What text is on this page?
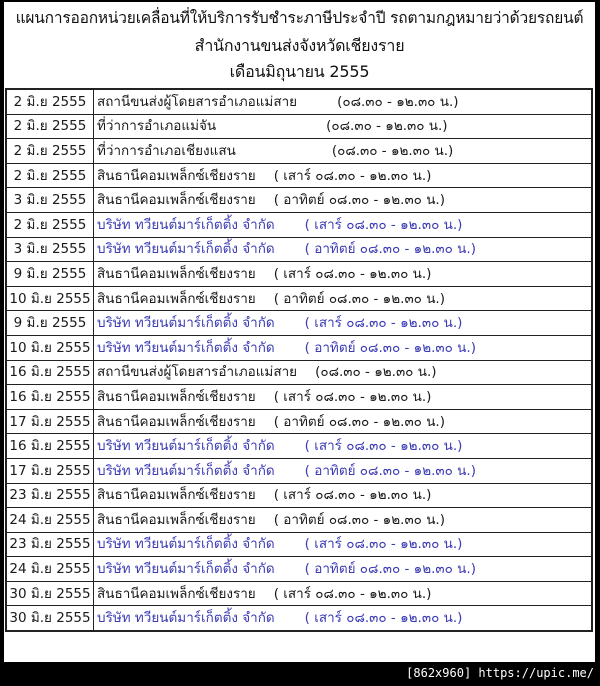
แผนการออกหน่วยเคลื่อนที่ให้บริการรับชำระภาษีประจำปี รถตามกฎหมายว่าด้วยรถยนต์
สำนักงานขนส่งจังหวัดเชียงราย
เดือนมิถุนายน 2555
2 มิ.ย 2555	สถานีขนส่งผู้โดยสารอำเภอแม่สาย (๐๘.๓๐ - ๑๒.๓๐ น.)
2 มิ.ย 2555	ที่ว่าการอำเภอแม่จัน (๐๘.๓๐ - ๑๒.๓๐ น.)
2 มิ.ย 2555	ที่ว่าการอำเภอเชียงแสน (๐๘.๓๐ - ๑๒.๓๐ น.)
2 มิ.ย 2555	สินธานีคอมเพล็กซ์เชียงราย ( เสาร์ ๐๘.๓๐ - ๑๒.๓๐ น.)
3 มิ.ย 2555	สินธานีคอมเพล็กซ์เชียงราย ( อาทิตย์ ๐๘.๓๐ - ๑๒.๓๐ น.)
2 มิ.ย 2555	บริษัท ทวียนต์มาร์เก็ตติ้ง จำกัด ( เสาร์ ๐๘.๓๐ - ๑๒.๓๐ น.)
3 มิ.ย 2555	บริษัท ทวียนต์มาร์เก็ตติ้ง จำกัด ( อาทิตย์ ๐๘.๓๐ - ๑๒.๓๐ น.)
9 มิ.ย 2555	สินธานีคอมเพล็กซ์เชียงราย ( เสาร์ ๐๘.๓๐ - ๑๒.๓๐ น.)
10 มิ.ย 2555	สินธานีคอมเพล็กซ์เชียงราย ( อาทิตย์ ๐๘.๓๐ - ๑๒.๓๐ น.)
9 มิ.ย 2555	บริษัท ทวียนต์มาร์เก็ตติ้ง จำกัด ( เสาร์ ๐๘.๓๐ - ๑๒.๓๐ น.)
10 มิ.ย 2555	บริษัท ทวียนต์มาร์เก็ตติ้ง จำกัด ( อาทิตย์ ๐๘.๓๐ - ๑๒.๓๐ น.)
16 มิ.ย 2555	สถานีขนส่งผู้โดยสารอำเภอแม่สาย (๐๘.๓๐ - ๑๒.๓๐ น.)
16 มิ.ย 2555	สินธานีคอมเพล็กซ์เชียงราย ( เสาร์ ๐๘.๓๐ - ๑๒.๓๐ น.)
17 มิ.ย 2555	สินธานีคอมเพล็กซ์เชียงราย ( อาทิตย์ ๐๘.๓๐ - ๑๒.๓๐ น.)
16 มิ.ย 2555	บริษัท ทวียนต์มาร์เก็ตติ้ง จำกัด ( เสาร์ ๐๘.๓๐ - ๑๒.๓๐ น.)
17 มิ.ย 2555	บริษัท ทวียนต์มาร์เก็ตติ้ง จำกัด ( อาทิตย์ ๐๘.๓๐ - ๑๒.๓๐ น.)
23 มิ.ย 2555	สินธานีคอมเพล็กซ์เชียงราย ( เสาร์ ๐๘.๓๐ - ๑๒.๓๐ น.)
24 มิ.ย 2555	สินธานีคอมเพล็กซ์เชียงราย ( อาทิตย์ ๐๘.๓๐ - ๑๒.๓๐ น.)
23 มิ.ย 2555	บริษัท ทวียนต์มาร์เก็ตติ้ง จำกัด ( เสาร์ ๐๘.๓๐ - ๑๒.๓๐ น.)
24 มิ.ย 2555	บริษัท ทวียนต์มาร์เก็ตติ้ง จำกัด ( อาทิตย์ ๐๘.๓๐ - ๑๒.๓๐ น.)
30 มิ.ย 2555	สินธานีคอมเพล็กซ์เชียงราย ( เสาร์ ๐๘.๓๐ - ๑๒.๓๐ น.)
30 มิ.ย 2555	บริษัท ทวียนต์มาร์เก็ตติ้ง จำกัด ( เสาร์ ๐๘.๓๐ - ๑๒.๓๐ น.)
[862x960] https://upic.me/
